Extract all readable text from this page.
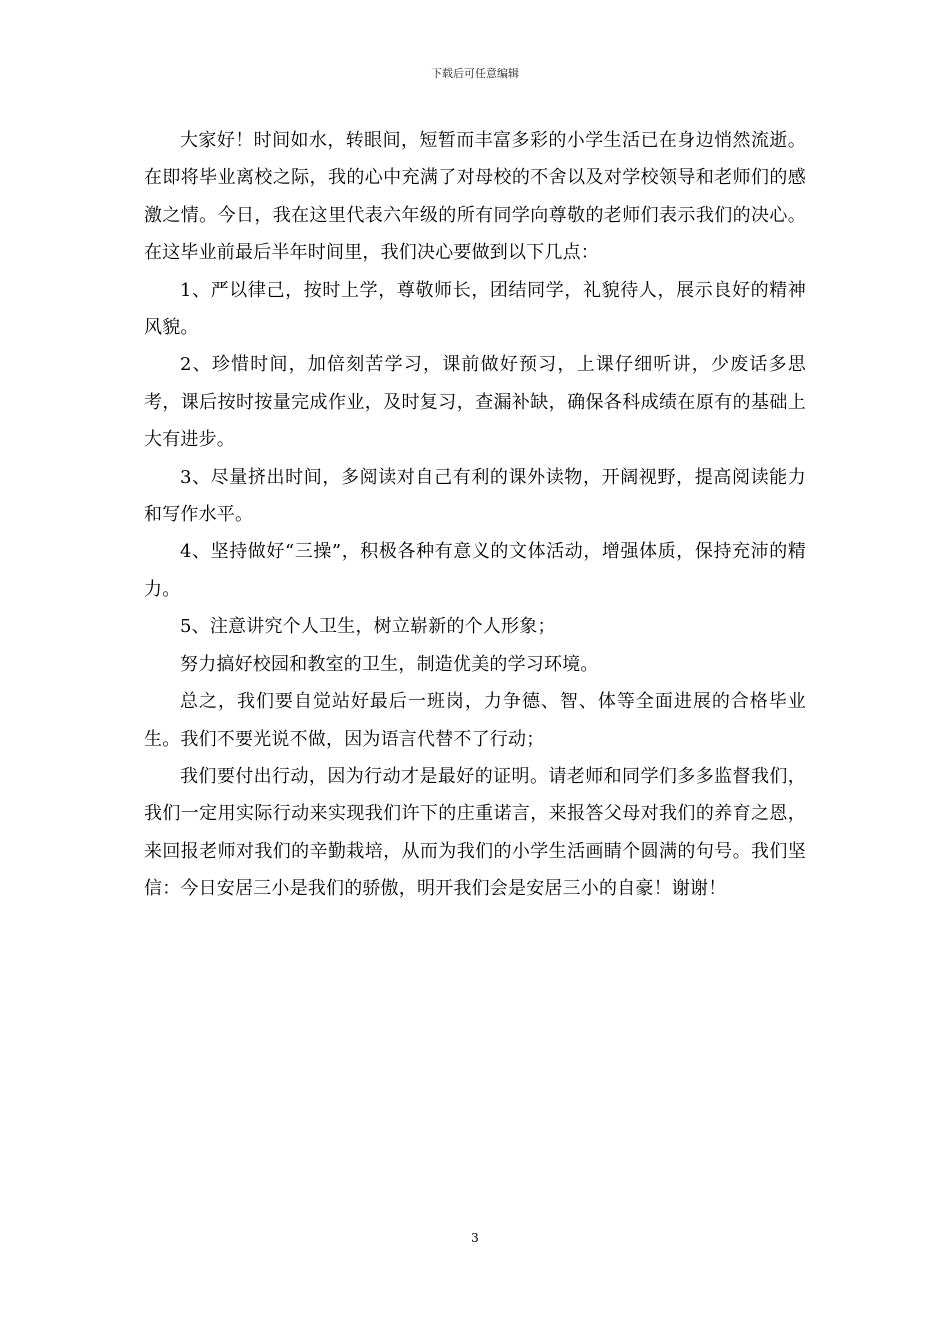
下载后可任意编辑

大家好！时间如水，转眼间，短暂而丰富多彩的小学生活已在身边悄然流逝。在即将毕业离校之际，我的心中充满了对母校的不舍以及对学校领导和老师们的感激之情。今日，我在这里代表六年级的所有同学向尊敬的老师们表示我们的决心。在这毕业前最后半年时间里，我们决心要做到以下几点：

1、严以律己，按时上学，尊敬师长，团结同学，礼貌待人，展示良好的精神风貌。

2、珍惜时间，加倍刻苦学习，课前做好预习，上课仔细听讲，少废话多思考，课后按时按量完成作业，及时复习，查漏补缺，确保各科成绩在原有的基础上大有进步。

3、尽量挤出时间，多阅读对自己有利的课外读物，开阔视野，提高阅读能力和写作水平。

4、坚持做好“三操”，积极各种有意义的文体活动，增强体质，保持充沛的精力。

5、注意讲究个人卫生，树立崭新的个人形象；

努力搞好校园和教室的卫生，制造优美的学习环境。

总之，我们要自觉站好最后一班岗，力争德、智、体等全面进展的合格毕业生。我们不要光说不做，因为语言代替不了行动；

我们要付出行动，因为行动才是最好的证明。请老师和同学们多多监督我们，我们一定用实际行动来实现我们许下的庄重诺言，来报答父母对我们的养育之恩，来回报老师对我们的辛勤栽培，从而为我们的小学生活画睛个圆满的句号。我们坚信：今日安居三小是我们的骄傲，明开我们会是安居三小的自豪！谢谢！

3
